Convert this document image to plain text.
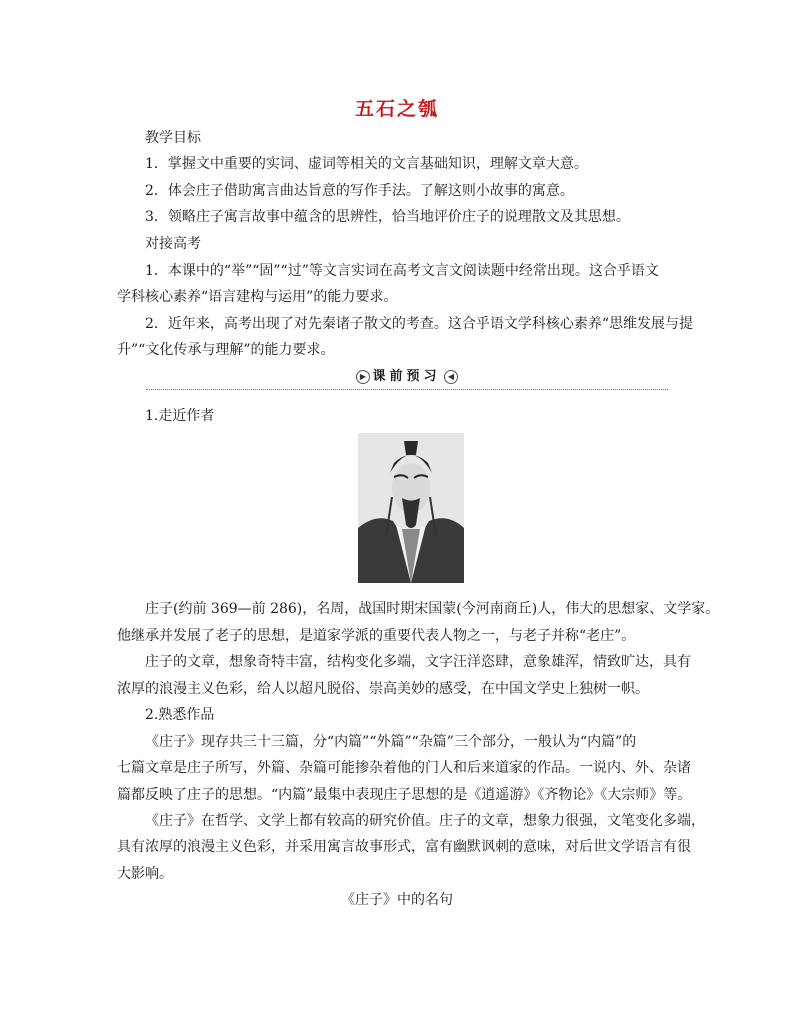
五石之瓠
教学目标
1．掌握文中重要的实词、虚词等相关的文言基础知识，理解文章大意。
2．体会庄子借助寓言曲达旨意的写作手法。了解这则小故事的寓意。
3．领略庄子寓言故事中蕴含的思辨性，恰当地评价庄子的说理散文及其思想。
对接高考
1．本课中的“举”“固”“过”等文言实词在高考文言文阅读题中经常出现。这合乎语文
学科核心素养“语言建构与运用”的能力要求。
2．近年来，高考出现了对先秦诸子散文的考查。这合乎语文学科核心素养“思维发展与提
升”“文化传承与理解”的能力要求。
▶ 课前预习 ◀
1.走近作者
庄子(约前 369—前 286)，名周，战国时期宋国蒙(今河南商丘)人，伟大的思想家、文学家。
他继承并发展了老子的思想，是道家学派的重要代表人物之一，与老子并称“老庄”。
庄子的文章，想象奇特丰富，结构变化多端，文字汪洋恣肆，意象雄浑，情致旷达，具有
浓厚的浪漫主义色彩，给人以超凡脱俗、崇高美妙的感受，在中国文学史上独树一帜。
2.熟悉作品
《庄子》现存共三十三篇，分“内篇”“外篇”“杂篇”三个部分，一般认为“内篇”的
七篇文章是庄子所写，外篇、杂篇可能掺杂着他的门人和后来道家的作品。一说内、外、杂诸
篇都反映了庄子的思想。“内篇”最集中表现庄子思想的是《逍遥游》《齐物论》《大宗师》等。
《庄子》在哲学、文学上都有较高的研究价值。庄子的文章，想象力很强，文笔变化多端，
具有浓厚的浪漫主义色彩，并采用寓言故事形式，富有幽默讽刺的意味，对后世文学语言有很
大影响。
《庄子》中的名句
